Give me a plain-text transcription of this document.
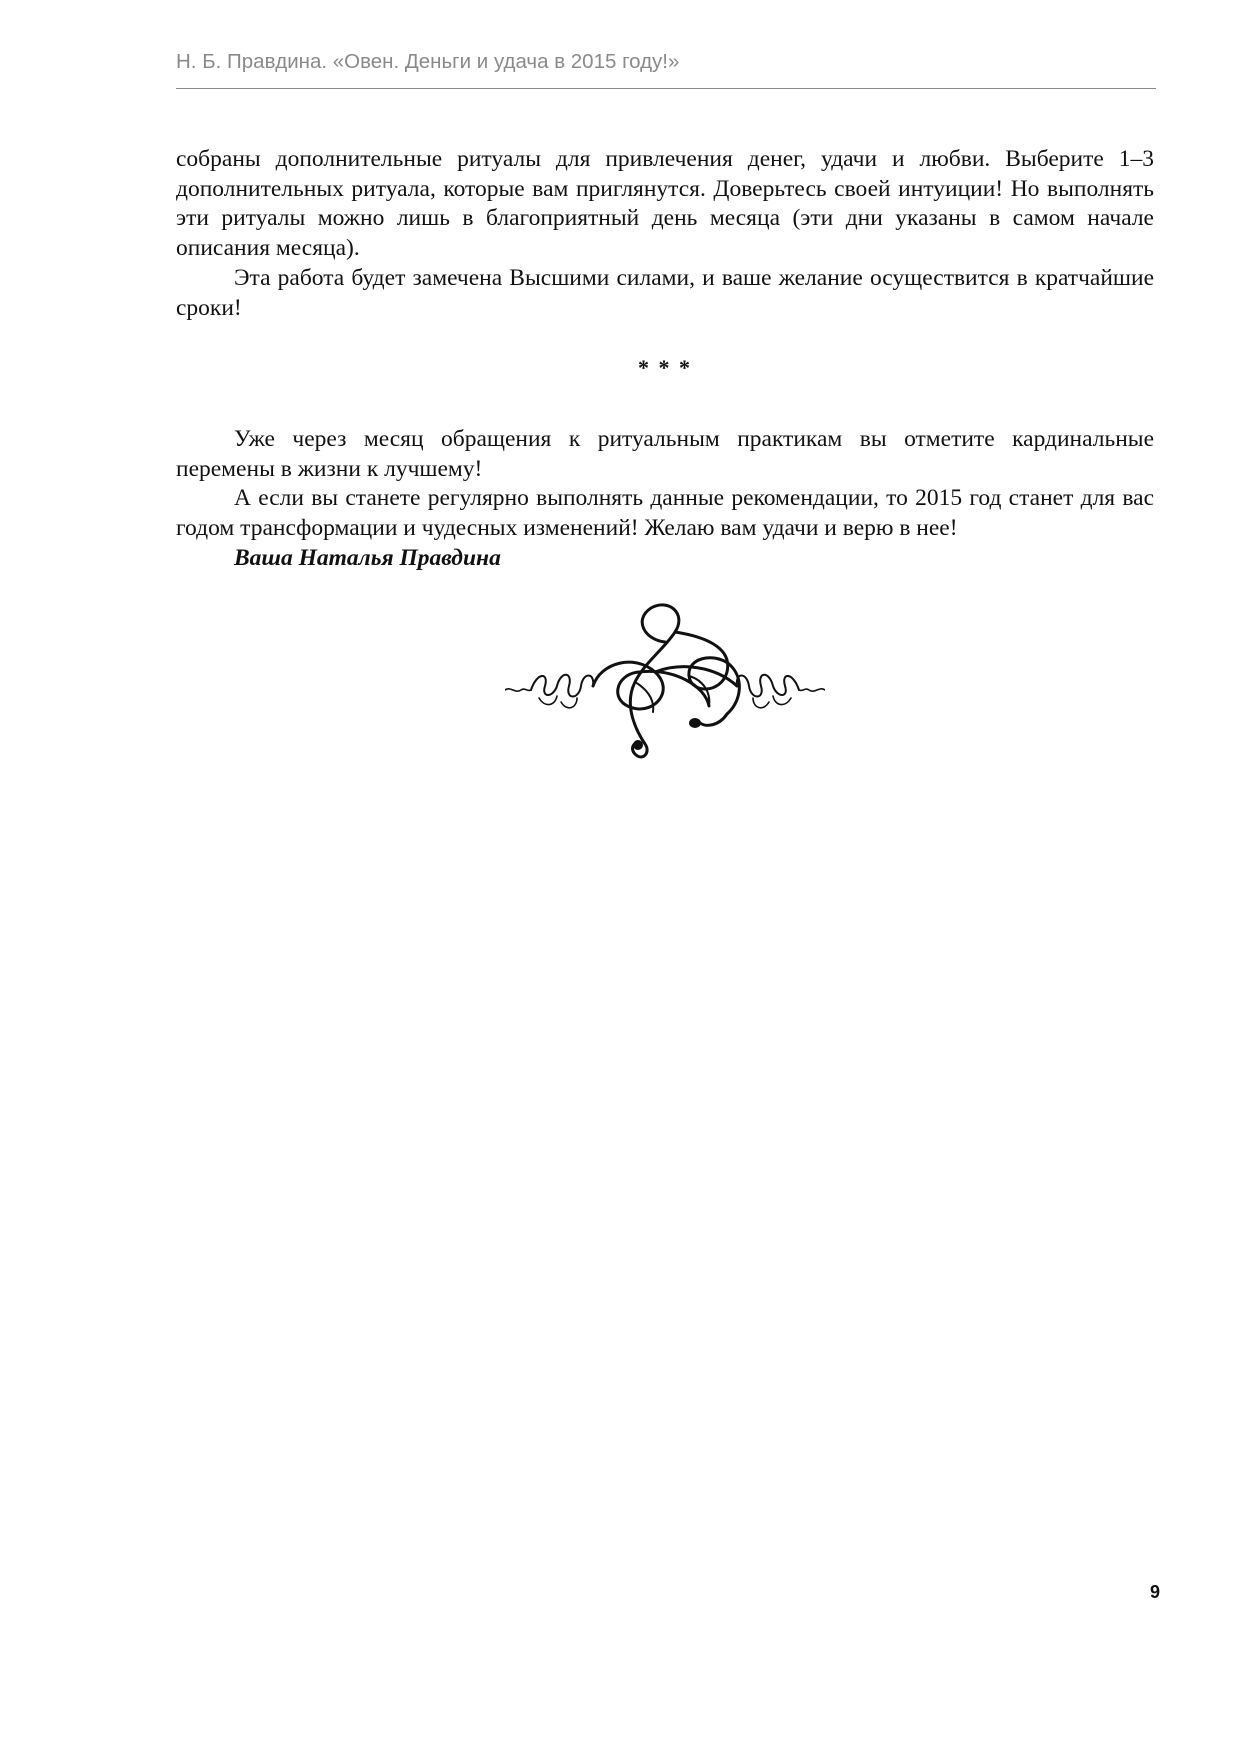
Н. Б. Правдина. «Овен. Деньги и удача в 2015 году!»

собраны дополнительные ритуалы для привлечения денег, удачи и любви. Выберите 1–3 дополнительных ритуала, которые вам приглянутся. Доверьтесь своей интуиции! Но выполнять эти ритуалы можно лишь в благоприятный день месяца (эти дни указаны в самом начале описания месяца).

Эта работа будет замечена Высшими силами, и ваше желание осуществится в кратчайшие сроки!

* * *

Уже через месяц обращения к ритуальным практикам вы отметите кардинальные перемены в жизни к лучшему!

А если вы станете регулярно выполнять данные рекомендации, то 2015 год станет для вас годом трансформации и чудесных изменений! Желаю вам удачи и верю в нее!

Ваша Наталья Правдина

9
